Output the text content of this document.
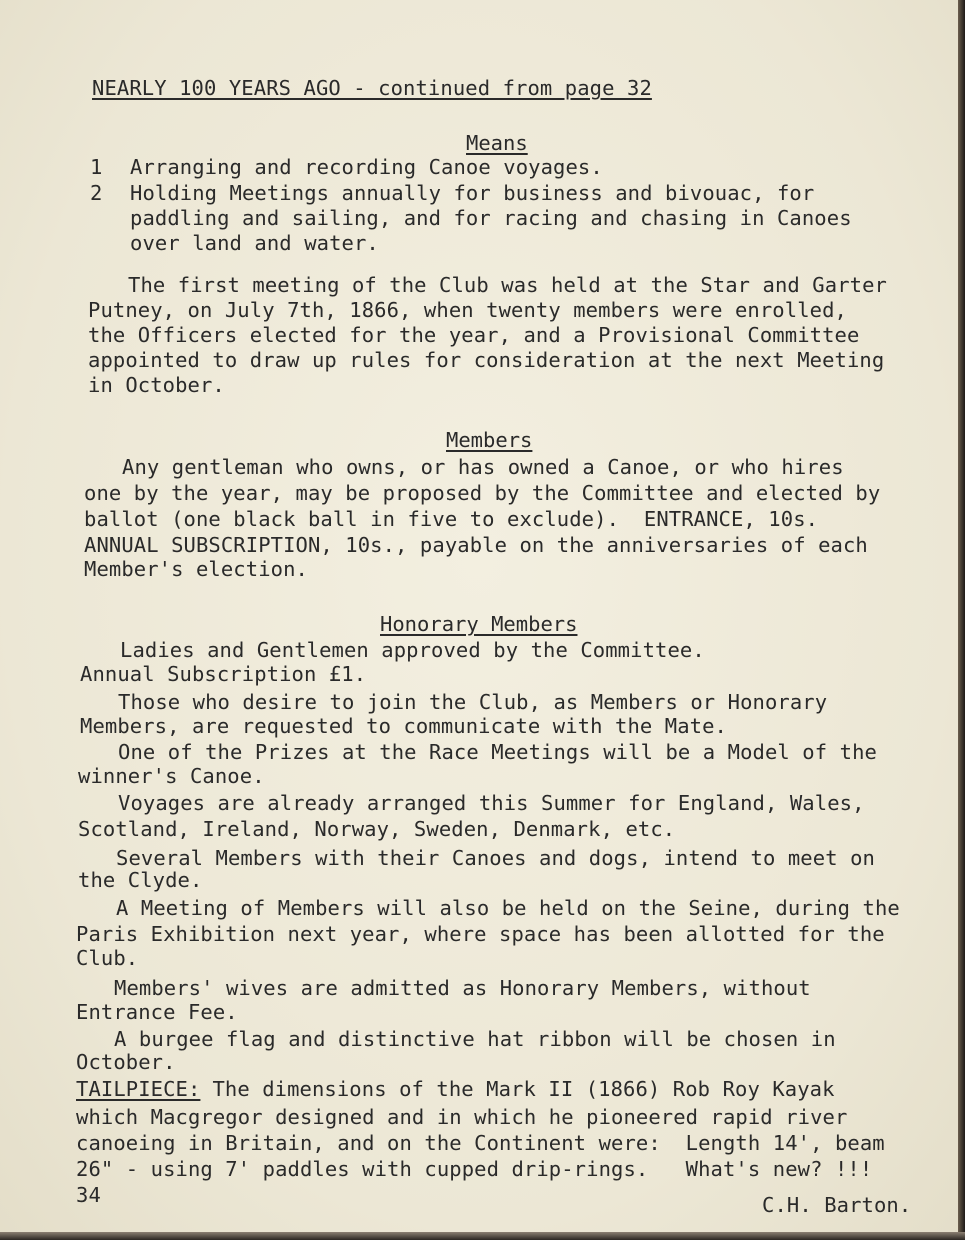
NEARLY 100 YEARS AGO - continued from page 32
Means
1 Arranging and recording Canoe voyages.
2 Holding Meetings annually for business and bivouac, for
paddling and sailing, and for racing and chasing in Canoes
over land and water.
The first meeting of the Club was held at the Star and Garter
Putney, on July 7th, 1866, when twenty members were enrolled,
the Officers elected for the year, and a Provisional Committee
appointed to draw up rules for consideration at the next Meeting
in October.
Members
Any gentleman who owns, or has owned a Canoe, or who hires
one by the year, may be proposed by the Committee and elected by
ballot (one black ball in five to exclude).  ENTRANCE, 10s.
ANNUAL SUBSCRIPTION, 10s., payable on the anniversaries of each
Member's election.
Honorary Members
Ladies and Gentlemen approved by the Committee.
Annual Subscription £1.
Those who desire to join the Club, as Members or Honorary
Members, are requested to communicate with the Mate.
One of the Prizes at the Race Meetings will be a Model of the
winner's Canoe.
Voyages are already arranged this Summer for England, Wales,
Scotland, Ireland, Norway, Sweden, Denmark, etc.
Several Members with their Canoes and dogs, intend to meet on
the Clyde.
A Meeting of Members will also be held on the Seine, during the
Paris Exhibition next year, where space has been allotted for the
Club.
Members' wives are admitted as Honorary Members, without
Entrance Fee.
A burgee flag and distinctive hat ribbon will be chosen in
October.
TAILPIECE: The dimensions of the Mark II (1866) Rob Roy Kayak
which Macgregor designed and in which he pioneered rapid river
canoeing in Britain, and on the Continent were:  Length 14', beam
26" - using 7' paddles with cupped drip-rings.   What's new? !!!
34	C.H. Barton.
